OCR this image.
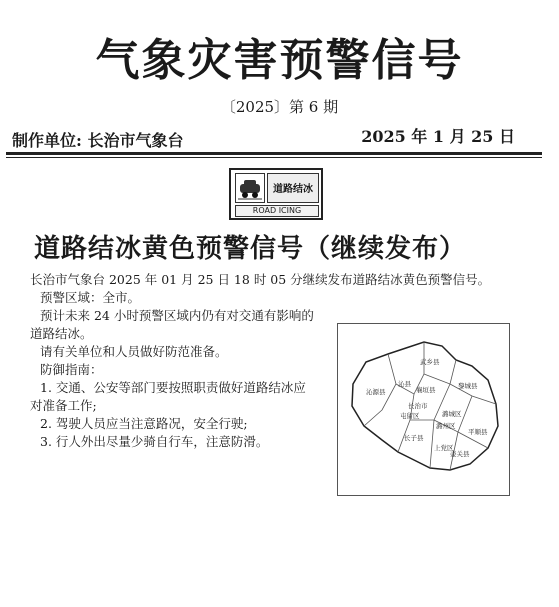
气象灾害预警信号
〔2025〕第 6 期
制作单位: 长治市气象台	2025 年 1 月 25 日
道路结冰
ROAD ICING
道路结冰黄色预警信号（继续发布）
长治市气象台 2025 年 01 月 25 日 18 时 05 分继续发布道路结冰黄色预警信号。
预警区域：全市。
预计未来 24 小时预警区域内仍有对交通有影响的
道路结冰。
请有关单位和人员做好防范准备。
防御指南：
1. 交通、公安等部门要按照职责做好道路结冰应
对准备工作;
2. 驾驶人员应当注意路况，安全行驶;
3. 行人外出尽量少骑自行车，注意防滑。
沁源县
沁县
武乡县
襄垣县	黎城县
屯留区	潞城区
长子县
潞州区
上党区
平顺县
壶关县
长治市
